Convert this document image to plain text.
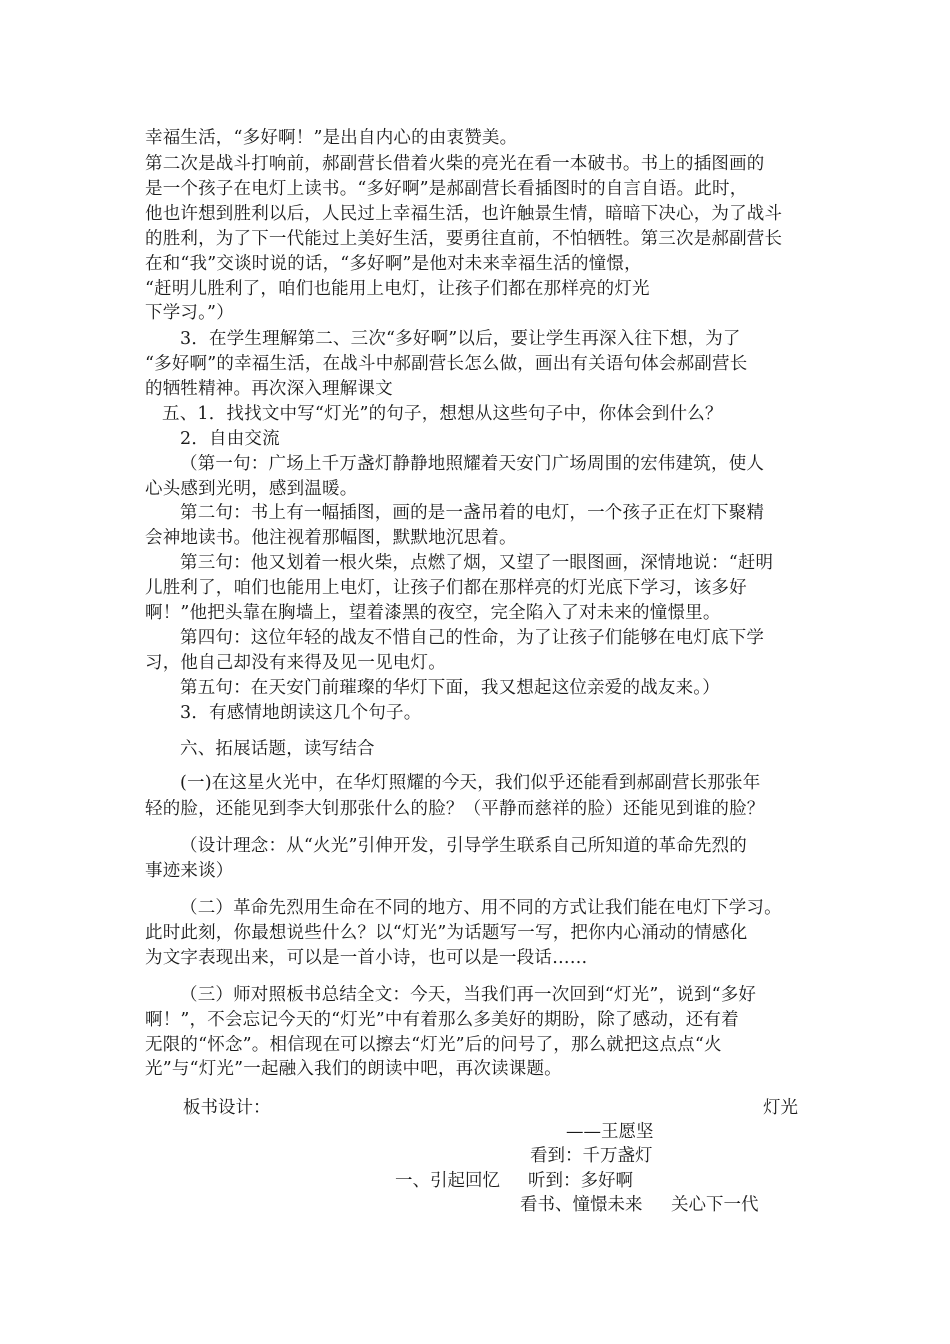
幸福生活，“多好啊！”是出自内心的由衷赞美。

第二次是战斗打响前，郝副营长借着火柴的亮光在看一本破书。书上的插图画的

是一个孩子在电灯上读书。“多好啊”是郝副营长看插图时的自言自语。此时，

他也许想到胜利以后，人民过上幸福生活，也许触景生情，暗暗下决心，为了战斗

的胜利，为了下一代能过上美好生活，要勇往直前，不怕牺牲。第三次是郝副营长

在和“我”交谈时说的话，“多好啊”是他对未来幸福生活的憧憬，

“赶明儿胜利了，咱们也能用上电灯，让孩子们都在那样亮的灯光

下学习。”）

3．在学生理解第二、三次“多好啊”以后，要让学生再深入往下想，为了

“多好啊”的幸福生活，在战斗中郝副营长怎么做，画出有关语句体会郝副营长

的牺牲精神。再次深入理解课文

五、1．找找文中写“灯光”的句子，想想从这些句子中，你体会到什么？

2．自由交流

（第一句：广场上千万盏灯静静地照耀着天安门广场周围的宏伟建筑，使人

心头感到光明，感到温暖。

第二句：书上有一幅插图，画的是一盏吊着的电灯，一个孩子正在灯下聚精

会神地读书。他注视着那幅图，默默地沉思着。

第三句：他又划着一根火柴，点燃了烟，又望了一眼图画，深情地说：“赶明

儿胜利了，咱们也能用上电灯，让孩子们都在那样亮的灯光底下学习，该多好

啊！”他把头靠在胸墙上，望着漆黑的夜空，完全陷入了对未来的憧憬里。

第四句：这位年轻的战友不惜自己的性命，为了让孩子们能够在电灯底下学

习，他自己却没有来得及见一见电灯。

第五句：在天安门前璀璨的华灯下面，我又想起这位亲爱的战友来。）

3．有感情地朗读这几个句子。

六、拓展话题，读写结合

(一)在这星火光中，在华灯照耀的今天，我们似乎还能看到郝副营长那张年

轻的脸，还能见到李大钊那张什么的脸？（平静而慈祥的脸）还能见到谁的脸？

（设计理念：从“火光”引伸开发，引导学生联系自己所知道的革命先烈的

事迹来谈）

（二）革命先烈用生命在不同的地方、用不同的方式让我们能在电灯下学习。

此时此刻，你最想说些什么？以“灯光”为话题写一写，把你内心涌动的情感化

为文字表现出来，可以是一首小诗，也可以是一段话……

（三）师对照板书总结全文：今天，当我们再一次回到“灯光”，说到“多好

啊！”，不会忘记今天的“灯光”中有着那么多美好的期盼，除了感动，还有着

无限的“怀念”。相信现在可以擦去“灯光”后的问号了，那么就把这点点“火

光”与“灯光”一起融入我们的朗读中吧，再次读课题。

板书设计：	灯光

——王愿坚

看到：千万盏灯

一、引起回忆 听到：多好啊

看书、憧憬未来 关心下一代
